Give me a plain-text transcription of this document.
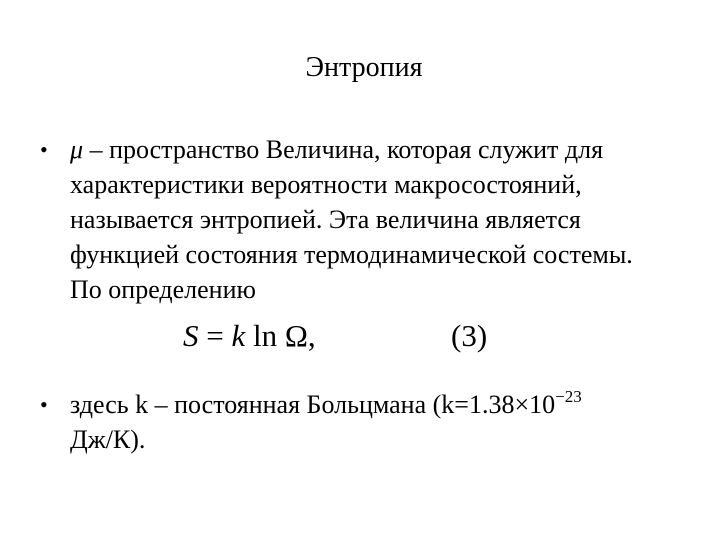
Энтропия
• μ – пространство Величина, которая служит для
характеристики вероятности макросостояний,
называется энтропией. Эта величина является
функцией состояния термодинамической состемы.
По определению
S = k ln Ω,	(3)
• здесь k – постоянная Больцмана ($k=1.38\times 10^{-23}$
Дж/К).
